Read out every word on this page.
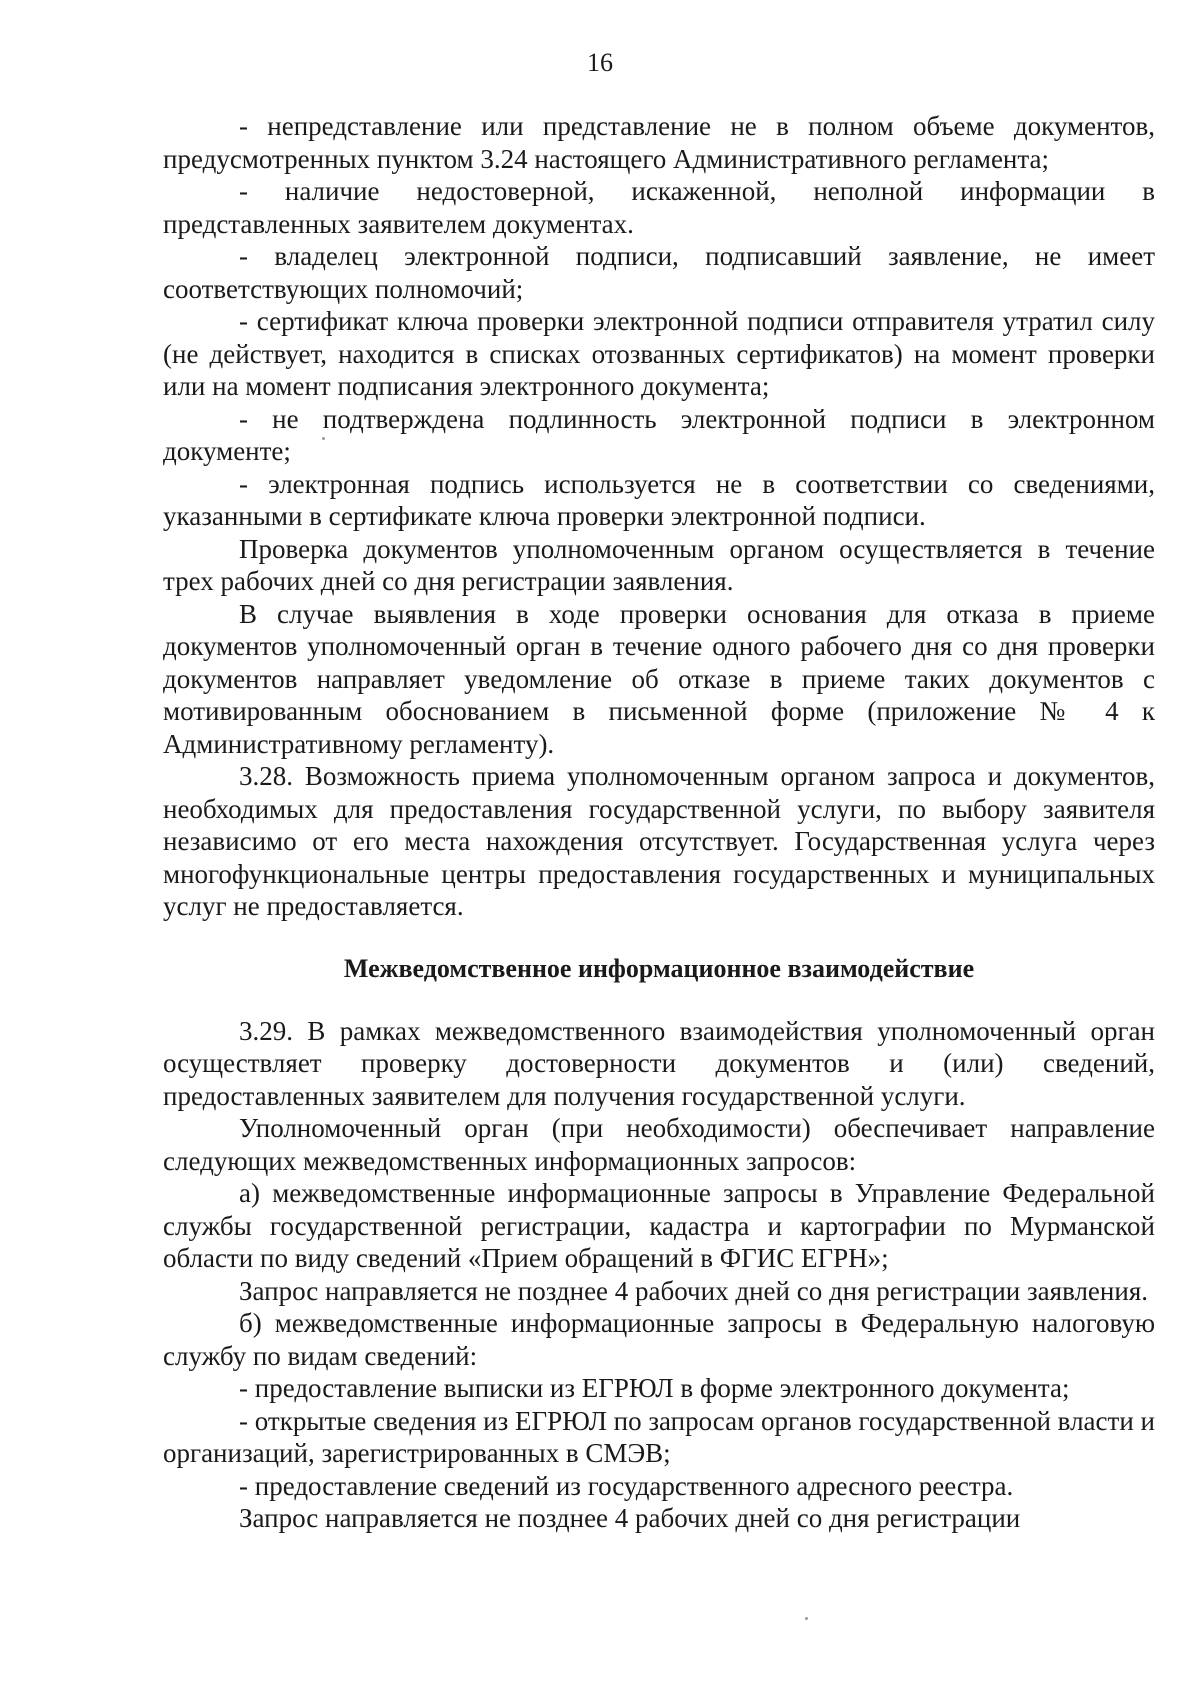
16

- непредставление или представление не в полном объеме документов, предусмотренных пунктом 3.24 настоящего Административного регламента;

- наличие недостоверной, искаженной, неполной информации в представленных заявителем документах.

- владелец электронной подписи, подписавший заявление, не имеет соответствующих полномочий;

- сертификат ключа проверки электронной подписи отправителя утратил силу (не действует, находится в списках отозванных сертификатов) на момент проверки или на момент подписания электронного документа;

- не подтверждена подлинность электронной подписи в электронном документе;

- электронная подпись используется не в соответствии со сведениями, указанными в сертификате ключа проверки электронной подписи.

Проверка документов уполномоченным органом осуществляется в течение трех рабочих дней со дня регистрации заявления.

В случае выявления в ходе проверки основания для отказа в приеме документов уполномоченный орган в течение одного рабочего дня со дня проверки документов направляет уведомление об отказе в приеме таких документов с мотивированным обоснованием в письменной форме (приложение № 4 к Административному регламенту).

3.28. Возможность приема уполномоченным органом запроса и документов, необходимых для предоставления государственной услуги, по выбору заявителя независимо от его места нахождения отсутствует. Государственная услуга через многофункциональные центры предоставления государственных и муниципальных услуг не предоставляется.

Межведомственное информационное взаимодействие

3.29. В рамках межведомственного взаимодействия уполномоченный орган осуществляет проверку достоверности документов и (или) сведений, предоставленных заявителем для получения государственной услуги.

Уполномоченный орган (при необходимости) обеспечивает направление следующих межведомственных информационных запросов:

а) межведомственные информационные запросы в Управление Федеральной службы государственной регистрации, кадастра и картографии по Мурманской области по виду сведений «Прием обращений в ФГИС ЕГРН»;

Запрос направляется не позднее 4 рабочих дней со дня регистрации заявления.

б) межведомственные информационные запросы в Федеральную налоговую службу по видам сведений:

- предоставление выписки из ЕГРЮЛ в форме электронного документа;

- открытые сведения из ЕГРЮЛ по запросам органов государственной власти и организаций, зарегистрированных в СМЭВ;

- предоставление сведений из государственного адресного реестра.

Запрос направляется не позднее 4 рабочих дней со дня регистрации
